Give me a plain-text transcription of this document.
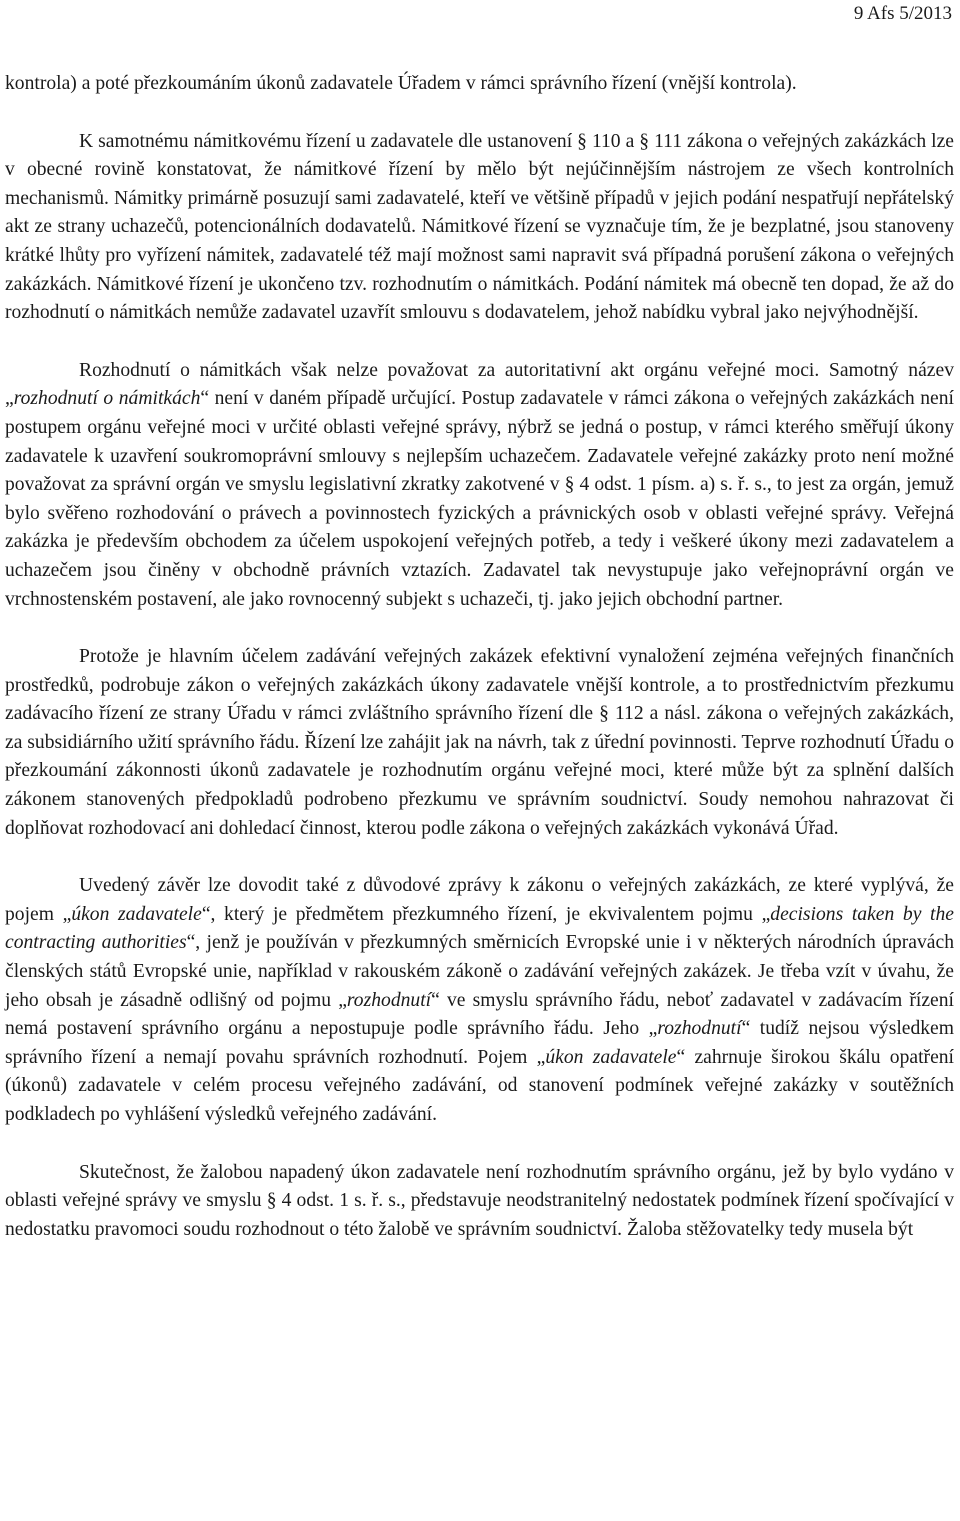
9 Afs 5/2013

kontrola) a poté přezkoumáním úkonů zadavatele Úřadem v rámci správního řízení (vnější kontrola).

K samotnému námitkovému řízení u zadavatele dle ustanovení § 110 a § 111 zákona o veřejných zakázkách lze v obecné rovině konstatovat, že námitkové řízení by mělo být nejúčinnějším nástrojem ze všech kontrolních mechanismů. Námitky primárně posuzují sami zadavatelé, kteří ve většině případů v jejich podání nespatřují nepřátelský akt ze strany uchazečů, potencionálních dodavatelů. Námitkové řízení se vyznačuje tím, že je bezplatné, jsou stanoveny krátké lhůty pro vyřízení námitek, zadavatelé též mají možnost sami napravit svá případná porušení zákona o veřejných zakázkách. Námitkové řízení je ukončeno tzv. rozhodnutím o námitkách. Podání námitek má obecně ten dopad, že až do rozhodnutí o námitkách nemůže zadavatel uzavřít smlouvu s dodavatelem, jehož nabídku vybral jako nejvýhodnější.

Rozhodnutí o námitkách však nelze považovat za autoritativní akt orgánu veřejné moci. Samotný název „rozhodnutí o námitkách“ není v daném případě určující. Postup zadavatele v rámci zákona o veřejných zakázkách není postupem orgánu veřejné moci v určité oblasti veřejné správy, nýbrž se jedná o postup, v rámci kterého směřují úkony zadavatele k uzavření soukromoprávní smlouvy s nejlepším uchazečem. Zadavatele veřejné zakázky proto není možné považovat za správní orgán ve smyslu legislativní zkratky zakotvené v § 4 odst. 1 písm. a) s. ř. s., to jest za orgán, jemuž bylo svěřeno rozhodování o právech a povinnostech fyzických a právnických osob v oblasti veřejné správy. Veřejná zakázka je především obchodem za účelem uspokojení veřejných potřeb, a tedy i veškeré úkony mezi zadavatelem a uchazečem jsou činěny v obchodně právních vztazích. Zadavatel tak nevystupuje jako veřejnoprávní orgán ve vrchnostenském postavení, ale jako rovnocenný subjekt s uchazeči, tj. jako jejich obchodní partner.

Protože je hlavním účelem zadávání veřejných zakázek efektivní vynaložení zejména veřejných finančních prostředků, podrobuje zákon o veřejných zakázkách úkony zadavatele vnější kontrole, a to prostřednictvím přezkumu zadávacího řízení ze strany Úřadu v rámci zvláštního správního řízení dle § 112 a násl. zákona o veřejných zakázkách, za subsidiárního užití správního řádu. Řízení lze zahájit jak na návrh, tak z úřední povinnosti. Teprve rozhodnutí Úřadu o přezkoumání zákonnosti úkonů zadavatele je rozhodnutím orgánu veřejné moci, které může být za splnění dalších zákonem stanovených předpokladů podrobeno přezkumu ve správním soudnictví. Soudy nemohou nahrazovat či doplňovat rozhodovací ani dohledací činnost, kterou podle zákona o veřejných zakázkách vykonává Úřad.

Uvedený závěr lze dovodit také z důvodové zprávy k zákonu o veřejných zakázkách, ze které vyplývá, že pojem „úkon zadavatele“, který je předmětem přezkumného řízení, je ekvivalentem pojmu „decisions taken by the contracting authorities“, jenž je používán v přezkumných směrnicích Evropské unie i v některých národních úpravách členských států Evropské unie, například v rakouském zákoně o zadávání veřejných zakázek. Je třeba vzít v úvahu, že jeho obsah je zásadně odlišný od pojmu „rozhodnutí“ ve smyslu správního řádu, neboť zadavatel v zadávacím řízení nemá postavení správního orgánu a nepostupuje podle správního řádu. Jeho „rozhodnutí“ tudíž nejsou výsledkem správního řízení a nemají povahu správních rozhodnutí. Pojem „úkon zadavatele“ zahrnuje širokou škálu opatření (úkonů) zadavatele v celém procesu veřejného zadávání, od stanovení podmínek veřejné zakázky v soutěžních podkladech po vyhlášení výsledků veřejného zadávání.

Skutečnost, že žalobou napadený úkon zadavatele není rozhodnutím správního orgánu, jež by bylo vydáno v oblasti veřejné správy ve smyslu § 4 odst. 1 s. ř. s., představuje neodstranitelný nedostatek podmínek řízení spočívající v nedostatku pravomoci soudu rozhodnout o této žalobě ve správním soudnictví. Žaloba stěžovatelky tedy musela být
